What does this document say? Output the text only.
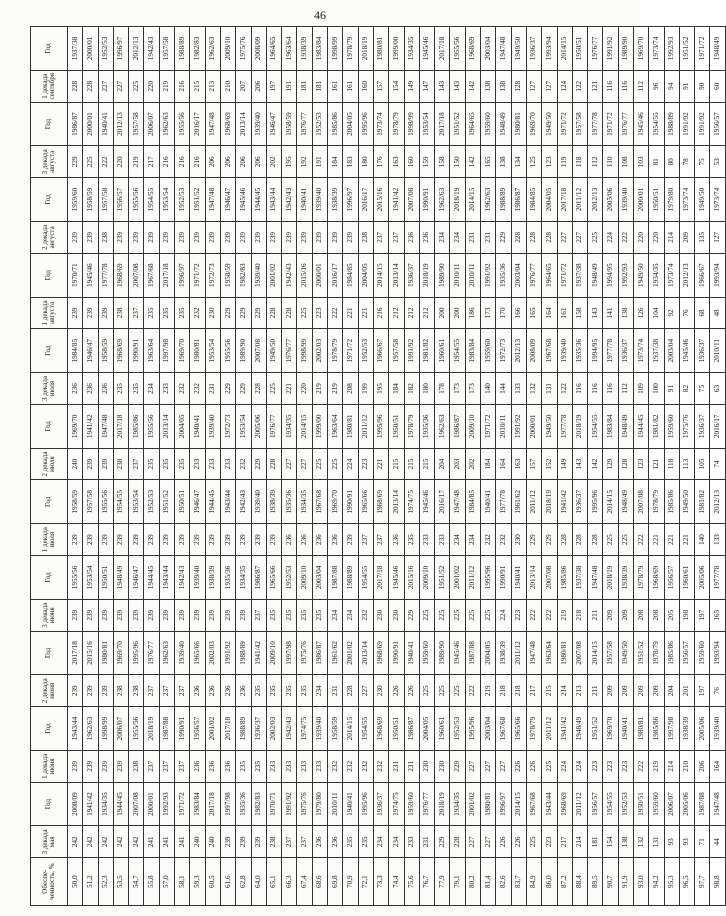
46
Обеспе-ченность, %	3 декада мая	Год	1 декада июня	Год	2 декада июня	Год	3 декада июня	Год	1 декада июля	Год	2 декада июля	Год	3 декада июля	Год	1 декада августа	Год	2 декада августа	Год	3 декада августа	Год	1 декада сентября	Год
50,0	242	2008/09	239	1943/44	239	2017/18	239	1955/56	239	1958/59	240	1969/70	236	1984/85	239	1970/71	239	1959/60	229	1986/87	228	1937/38
51,2	242	1941/42	239	1962/63	239	2015/16	239	1953/54	239	1957/58	239	1941/42	236	1946/47	239	1945/46	239	1958/59	225	2000/01	228	2000/01
52,3	242	1934/35	239	1998/99	239	1980/81	239	1950/51	239	1955/56	239	1947/48	236	1958/59	239	1977/78	238	1957/58	222	1940/41	227	1952/53
53,5	242	1944/45	239	2006/07	238	1969/70	239	1948/49	239	1954/55	238	2017/18	235	1968/69	238	1968/69	239	1956/57	220	2012/13	227	1996/97
54,7	242	2007/08	238	1955/56	238	1995/96	239	1946/47	239	1953/54	237	1985/86	235	1990/91	237	2007/08	239	1955/56	219	1957/58	225	2012/13
55,8	241	2000/01	237	2018/19	237	1976/77	239	1944/45	239	1952/53	235	1955/56	234	1963/64	235	1967/68	239	1954/55	217	2006/07	220	1942/43
57,0	241	1992/93	237	1987/88	237	1962/63	239	1943/44	239	1951/52	235	2013/14	233	1997/98	235	2017/18	239	1953/54	216	1962/63	219	1957/58
58,1	241	1971/72	237	1990/91	237	1939/40	239	1942/43	239	1950/51	235	2004/05	232	1969/70	235	1996/97	239	1952/53	216	1955/56	216	1988/89
59,3	240	1983/84	236	1956/57	236	1965/66	239	1939/40	239	1946/47	233	1940/41	232	1980/81	232	1971/72	239	1951/52	216	2016/17	215	1982/83
60,5	240	2017/18	236	2001/02	236	2002/03	239	1938/39	239	1944/45	233	1939/40	231	1953/54	230	1972/73	239	1947/48	206	1947/48	213	1962/63
61,6	239	1997/98	236	2017/18	236	1991/92	239	1935/36	239	1943/44	233	1972/73	229	1955/56	229	1958/59	239	1946/47	206	1968/69	210	2009/10
62,8	239	1935/36	235	1988/89	236	1988/89	239	1934/35	239	1942/43	232	1953/54	229	1989/90	229	1982/83	239	1945/46	206	2013/14	207	1975/76
64,0	239	1982/83	235	1936/37	235	1941/42	237	1986/87	239	1939/40	229	2005/06	228	2007/08	229	1939/40	239	1944/45	206	1939/40	206	2008/09
65,1	238	1970/71	233	2002/03	235	2009/10	235	1965/66	239	1938/39	228	1976/77	225	1949/50	228	2001/02	239	1943/44	202	1946/47	197	1964/65
66,3	237	1991/92	233	1942/43	235	1997/98	235	1952/53	236	1935/36	227	1934/35	221	1976/77	228	1942/43	239	1942/43	195	1958/59	191	1963/64
67,4	237	1975/76	233	1974/75	235	1975/76	235	2009/10	236	1934/35	227	2014/15	220	1998/99	225	2015/16	239	1940/41	192	1976/77	181	1938/39
68,6	236	1979/80	233	1939/40	234	1986/87	235	2003/04	236	1967/68	225	1999/00	219	2002/03	223	2000/01	239	1939/40	191	1952/53	181	1983/84
69,8	236	2010/11	232	1958/59	231	1961/62	234	1987/88	236	1969/70	225	1963/64	219	1978/79	222	2016/17	239	1938/39	184	1985/86	161	1998/99
70,9	235	1940/41	232	2014/15	228	2001/02	234	1988/89	239	1990/91	224	1980/81	208	1971/72	221	1984/85	239	1996/97	183	2004/05	161	1978/79
72,1	235	1995/96	232	1954/55	227	2013/14	232	1954/55	237	1965/66	223	2011/12	199	1952/53	221	2004/05	238	2016/17	180	1995/96	160	2018/19
73,3	234	1936/37	232	1968/69	230	1968/69	230	2017/18	237	1968/69	221	1995/96	195	1966/67	216	2014/15	237	2015/16	176	1973/74	157	1980/81
74,4	234	1974/75	231	1950/51	226	1990/91	230	1945/46	236	2013/14	215	1950/51	184	1957/58	212	2013/14	237	1941/42	163	1978/79	154	1999/00
75,6	233	1959/60	231	1986/87	226	1940/41	229	2015/16	235	1974/75	215	1978/79	182	1991/92	212	1936/37	236	2007/08	160	1998/99	149	1934/35
76,7	231	1976/77	230	2004/05	225	1959/60	225	2009/10	233	1945/46	215	1935/36	180	1981/82	212	2018/19	236	1990/91	159	1953/54	147	1945/46
77,9	229	2018/19	230	1960/61	225	1989/90	225	1951/52	233	2016/17	204	1962/63	178	1960/61	200	1989/90	234	1962/63	158	2017/18	143	2017/18
79,1	228	1934/35	229	1952/53	225	1945/46	225	2001/02	234	1947/48	203	1986/87	173	1954/55	200	2010/11	234	2018/19	150	1951/52	143	1955/56
80,2	227	2001/02	227	1995/96	222	1987/88	225	2011/12	234	1984/85	202	2009/10	173	1983/84	186	2010/11	231	2014/15	142	1964/65	142	1968/69
81,4	227	1980/81	227	2003/04	219	2004/05	225	1995/96	232	1940/41	184	1971/72	140	1959/60	173	1991/92	231	1962/63	165	1959/60	138	2003/04
82,6	226	1996/97	227	1967/68	218	1938/39	224	1990/91	232	1977/78	164	2010/11	144	1972/73	170	1935/36	229	1988/89	138	1948/49	138	1947/48
83,7	226	2014/15	226	1965/66	218	2011/12	223	1940/41	230	1961/62	163	1991/92	133	2012/13	166	2003/04	228	1986/87	134	1980/81	128	1949/50
84,9	225	1967/68	226	1978/79	217	1947/48	222	2013/14	229	2011/12	157	2000/01	132	2008/09	165	1976/77	228	1984/85	125	1969/70	127	1936/37
86,0	223	1943/44	225	2011/12	215	1963/64	222	2007/08	229	2018/19	152	1949/50	131	1967/68	164	1964/65	228	2004/05	123	1949/50	127	1993/94
87,2	217	1968/69	224	1941/42	214	1980/81	219	1985/86	228	1941/42	149	1977/78	122	1939/40	161	1971/72	227	2017/18	119	1971/72	124	2014/15
88,4	214	2011/12	224	1948/49	213	2007/08	218	1937/38	228	1936/37	143	2018/19	116	1935/36	158	1937/38	227	2011/12	118	1957/58	122	1950/51
89,5	181	1956/57	223	1951/52	211	2014/15	211	1947/48	228	1995/96	142	1954/55	116	1994/95	143	1948/49	225	2012/13	112	1977/78	121	1976/77
90,7	154	1954/55	223	1969/70	209	1957/58	209	2018/19	225	2014/15	129	1983/84	116	1977/78	141	1994/95	224	2005/06	110	1971/72	116	1991/92
91,9	138	1952/53	223	1940/41	209	1949/50	209	1938/39	225	1948/49	128	1948/49	112	1936/37	138	1992/93	222	1939/40	108	1976/77	116	1989/90
93,0	132	1950/51	222	1980/81	209	1951/52	208	1978/79	222	2007/08	123	1944/45	109	1973/74	126	1949/50	220	2000/01	103	1945/46	112	1969/70
94,2	131	1959/60	219	1985/86	209	1978/79	208	1968/69	221	1978/79	121	1981/82	100	1937/38	104	1934/35	220	1950/51	81	1954/55	96	1973/74
95,3	93	2006/07	214	1997/98	204	1985/86	205	1956/57	221	1985/86	118	1959/60	91	2003/04	92	1973/74	214	1979/80	80	1988/89	94	1992/93
96,5	93	2005/06	210	1938/39	201	1956/57	198	1960/61	221	1949/50	113	1975/76	82	1945/46	76	2012/13	209	1973/74	78	1991/92	91	1951/52
97,7	71	1987/88	206	2005/06	197	1959/60	197	2005/06	140	1981/82	105	1936/37	75	1936/37	68	1966/67	135	1949/50	75	1991/92	90	1971/72
98,8	44	1947/48	164	1939/40	76	1993/94	165	1977/78	133	2012/13	74	2016/17	63	2010/11	48	1993/94	127	1973/74	53	1956/57	60	1948/49
